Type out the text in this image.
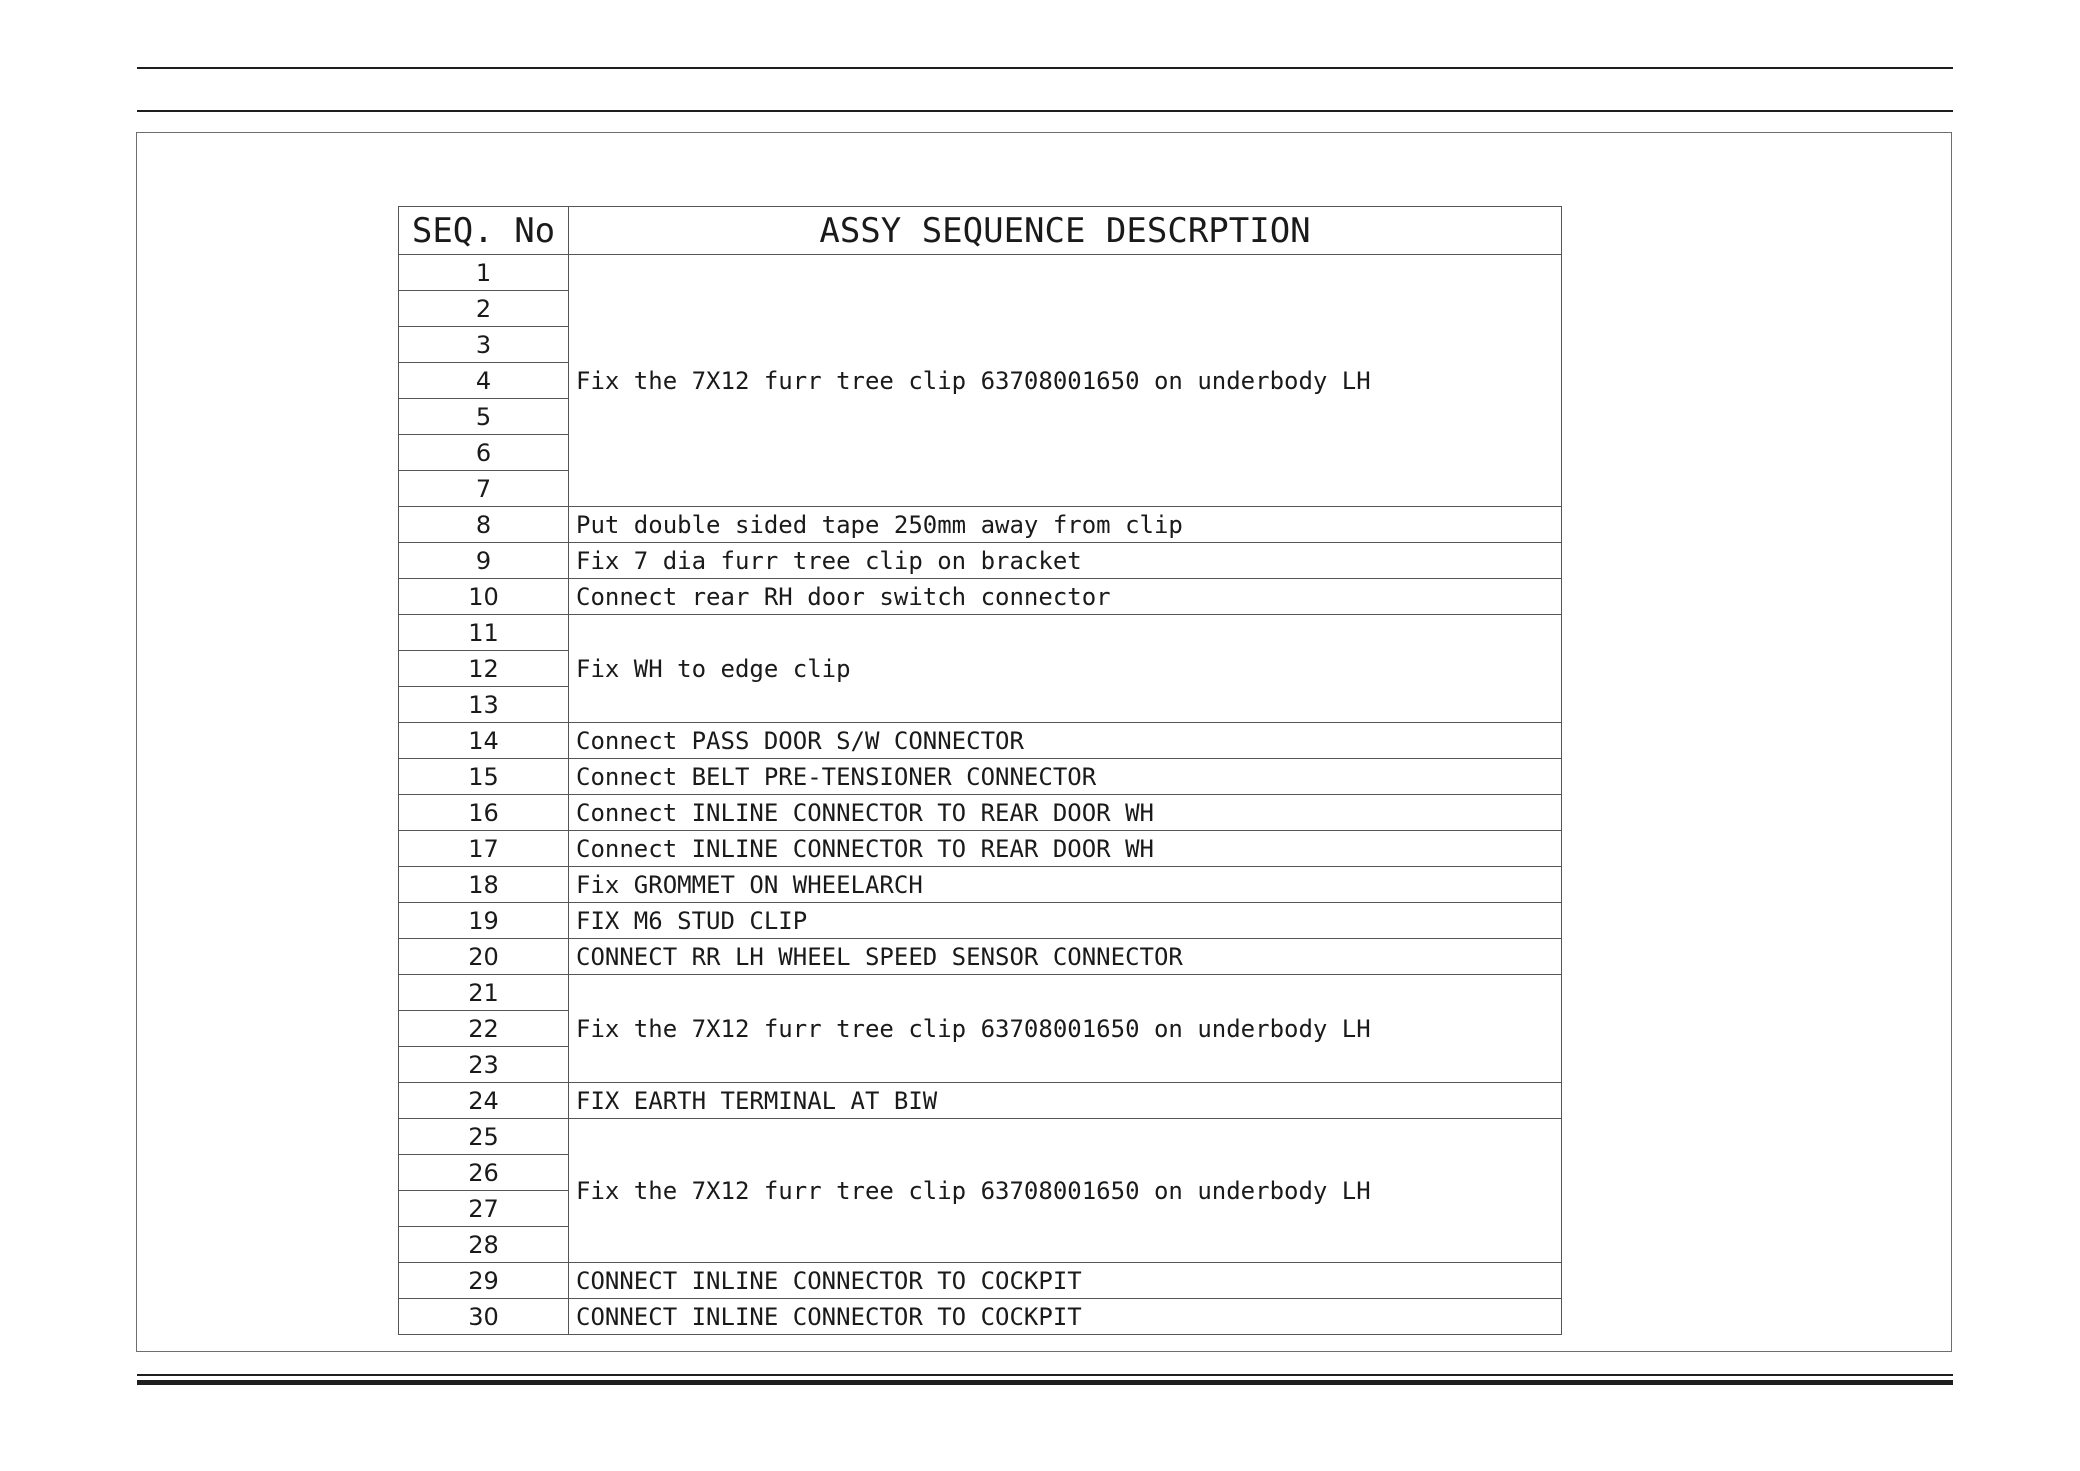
SEQ. No	ASSY SEQUENCE DESCRPTION
1	Fix the 7X12 furr tree clip 63708001650 on underbody LH
2	
3	
4	
5	
6	
7	
8	Put double sided tape 250mm away from clip
9	Fix 7 dia furr tree clip on bracket
10	Connect rear RH door switch connector
11	Fix WH to edge clip
12	
13	
14	Connect PASS DOOR S/W CONNECTOR
15	Connect BELT PRE-TENSIONER CONNECTOR
16	Connect INLINE CONNECTOR TO REAR DOOR WH
17	Connect INLINE CONNECTOR TO REAR DOOR WH
18	Fix GROMMET ON WHEELARCH
19	FIX M6 STUD CLIP
20	CONNECT RR LH WHEEL SPEED SENSOR CONNECTOR
21	Fix the 7X12 furr tree clip 63708001650 on underbody LH
22	
23	
24	FIX EARTH TERMINAL AT BIW
25	Fix the 7X12 furr tree clip 63708001650 on underbody LH
26	
27	
28	
29	CONNECT INLINE CONNECTOR TO COCKPIT
30	CONNECT INLINE CONNECTOR TO COCKPIT
